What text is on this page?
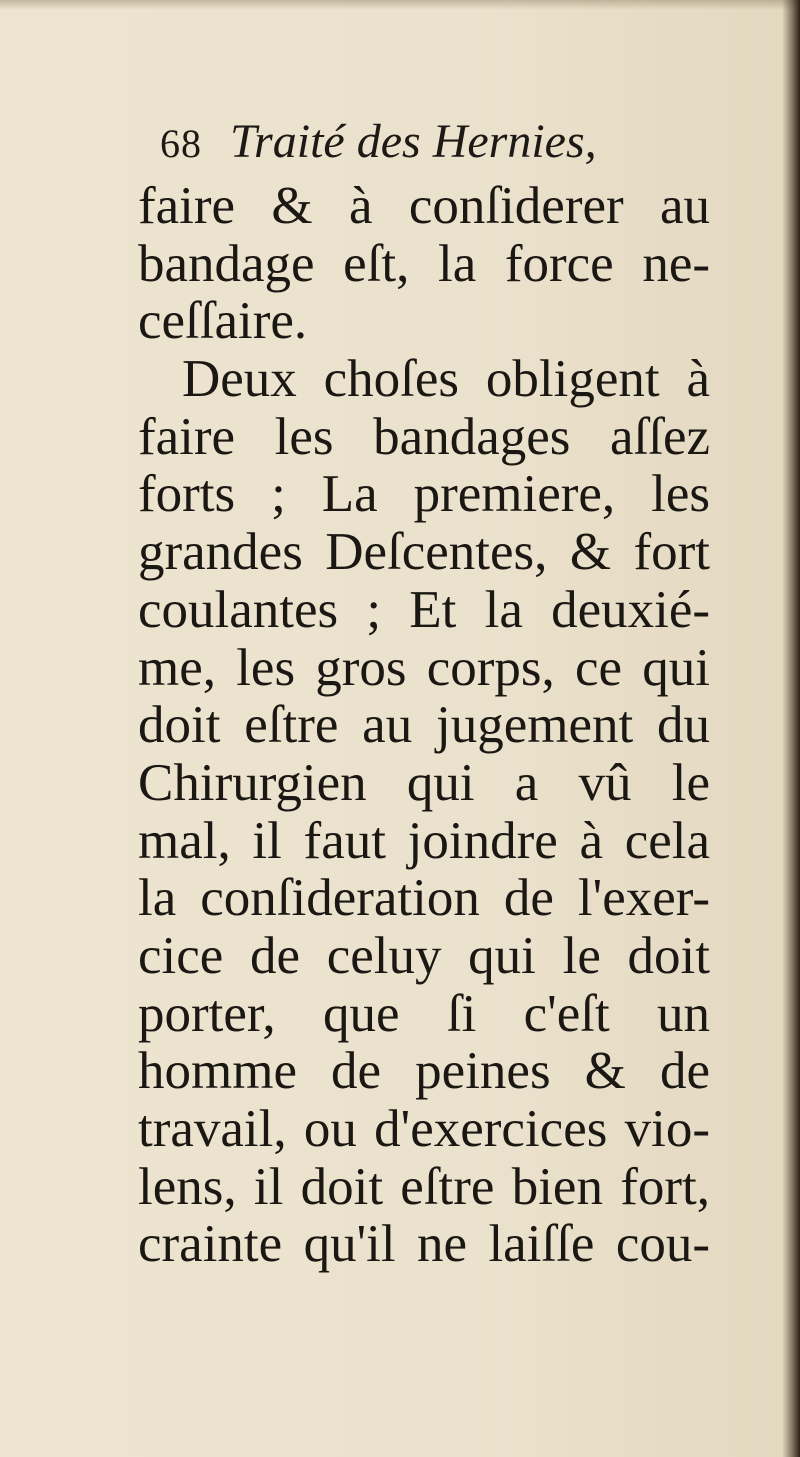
68 Traité des Hernies,
faire & à conſiderer au
bandage eſt, la force ne-
ceſſaire.
Deux choſes obligent à
faire les bandages aſſez
forts ; La premiere, les
grandes Deſcentes, & fort
coulantes ; Et la deuxié-
me, les gros corps, ce qui
doit eſtre au jugement du
Chirurgien qui a vû le
mal, il faut joindre à cela
la conſideration de l'exer-
cice de celuy qui le doit
porter, que ſi c'eſt un
homme de peines & de
travail, ou d'exercices vio-
lens, il doit eſtre bien fort,
crainte qu'il ne laiſſe cou-
